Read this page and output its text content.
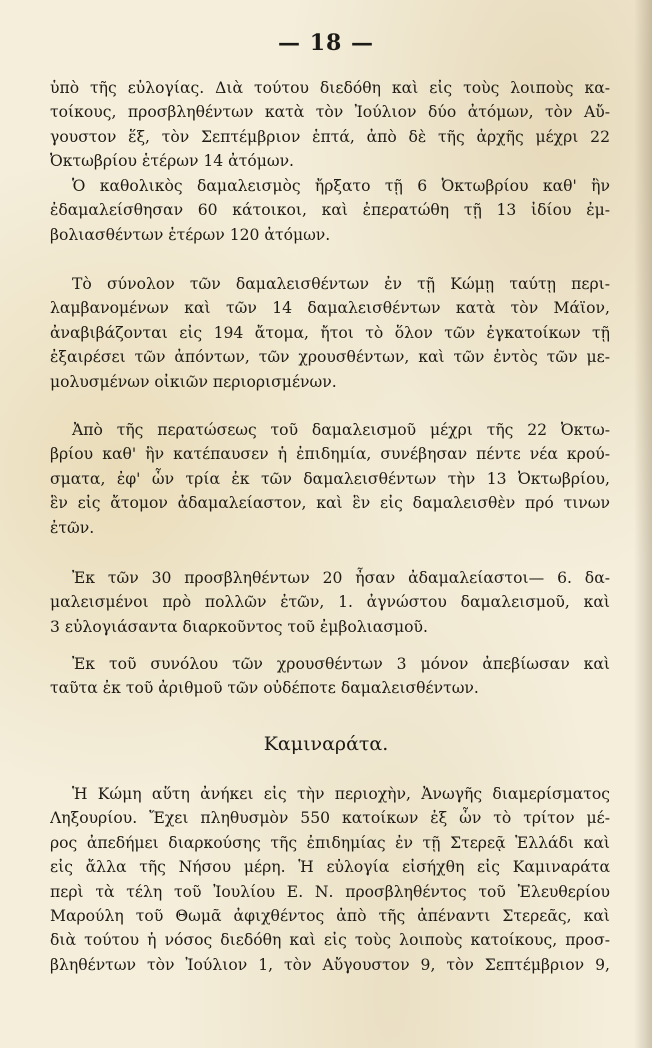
— 18 —
ὑπὸ τῆς εὐλογίας. Διὰ τούτου διεδόθη καὶ εἰς τοὺς λοιποὺς κα-
τοίκους, προσβληθέντων κατὰ τὸν Ἰούλιον δύο ἀτόμων, τὸν Αὔ-
γουστον ἕξ, τὸν Σεπτέμβριον ἑπτά, ἀπὸ δὲ τῆς ἀρχῆς μέχρι 22
Ὀκτωβρίου ἑτέρων 14 ἀτόμων.
Ὁ καθολικὸς δαμαλεισμὸς ἤρξατο τῇ 6 Ὀκτωβρίου καθ' ἣν
ἐδαμαλείσθησαν 60 κάτοικοι, καὶ ἐπερατώθη τῇ 13 ἰδίου ἐμ-
βολιασθέντων ἑτέρων 120 ἀτόμων.
Τὸ σύνολον τῶν δαμαλεισθέντων ἐν τῇ Κώμῃ ταύτῃ περι-
λαμβανομένων καὶ τῶν 14 δαμαλεισθέντων κατὰ τὸν Μάϊον,
ἀναβιβάζονται εἰς 194 ἄτομα, ἤτοι τὸ ὅλον τῶν ἐγκατοίκων τῇ
ἐξαιρέσει τῶν ἀπόντων, τῶν χρουσθέντων, καὶ τῶν ἐντὸς τῶν με-
μολυσμένων οἰκιῶν περιορισμένων.
Ἀπὸ τῆς περατώσεως τοῦ δαμαλεισμοῦ μέχρι τῆς 22 Ὀκτω-
βρίου καθ' ἣν κατέπαυσεν ἡ ἐπιδημία, συνέβησαν πέντε νέα κρού-
σματα, ἐφ' ὧν τρία ἐκ τῶν δαμαλεισθέντων τὴν 13 Ὀκτωβρίου,
ἓν εἰς ἄτομον ἀδαμαλείαστον, καὶ ἓν εἰς δαμαλεισθὲν πρό τινων
ἐτῶν.
Ἐκ τῶν 30 προσβληθέντων 20 ἦσαν ἀδαμαλείαστοι— 6. δα-
μαλεισμένοι πρὸ πολλῶν ἐτῶν, 1. ἀγνώστου δαμαλεισμοῦ, καὶ
3 εὐλογιάσαντα διαρκοῦντος τοῦ ἐμβολιασμοῦ.
Ἐκ τοῦ συνόλου τῶν χρουσθέντων 3 μόνον ἀπεβίωσαν καὶ
ταῦτα ἐκ τοῦ ἀριθμοῦ τῶν οὐδέποτε δαμαλεισθέντων.
Καμιναράτα.
Ἡ Κώμη αὕτη ἀνήκει εἰς τὴν περιοχὴν, Ἀνωγῆς διαμερίσματος
Ληξουρίου. Ἔχει πληθυσμὸν 550 κατοίκων ἐξ ὧν τὸ τρίτον μέ-
ρος ἀπεδήμει διαρκούσης τῆς ἐπιδημίας ἐν τῇ Στερεᾷ Ἑλλάδι καὶ
εἰς ἄλλα τῆς Νήσου μέρη. Ἡ εὐλογία εἰσήχθη εἰς Καμιναράτα
περὶ τὰ τέλη τοῦ Ἰουλίου Ε. Ν. προσβληθέντος τοῦ Ἐλευθερίου
Μαρούλη τοῦ Θωμᾶ ἀφιχθέντος ἀπὸ τῆς ἀπέναντι Στερεᾶς, καὶ
διὰ τούτου ἡ νόσος διεδόθη καὶ εἰς τοὺς λοιποὺς κατοίκους, προσ-
βληθέντων τὸν Ἰούλιον 1, τὸν Αὔγουστον 9, τὸν Σεπτέμβριον 9,
